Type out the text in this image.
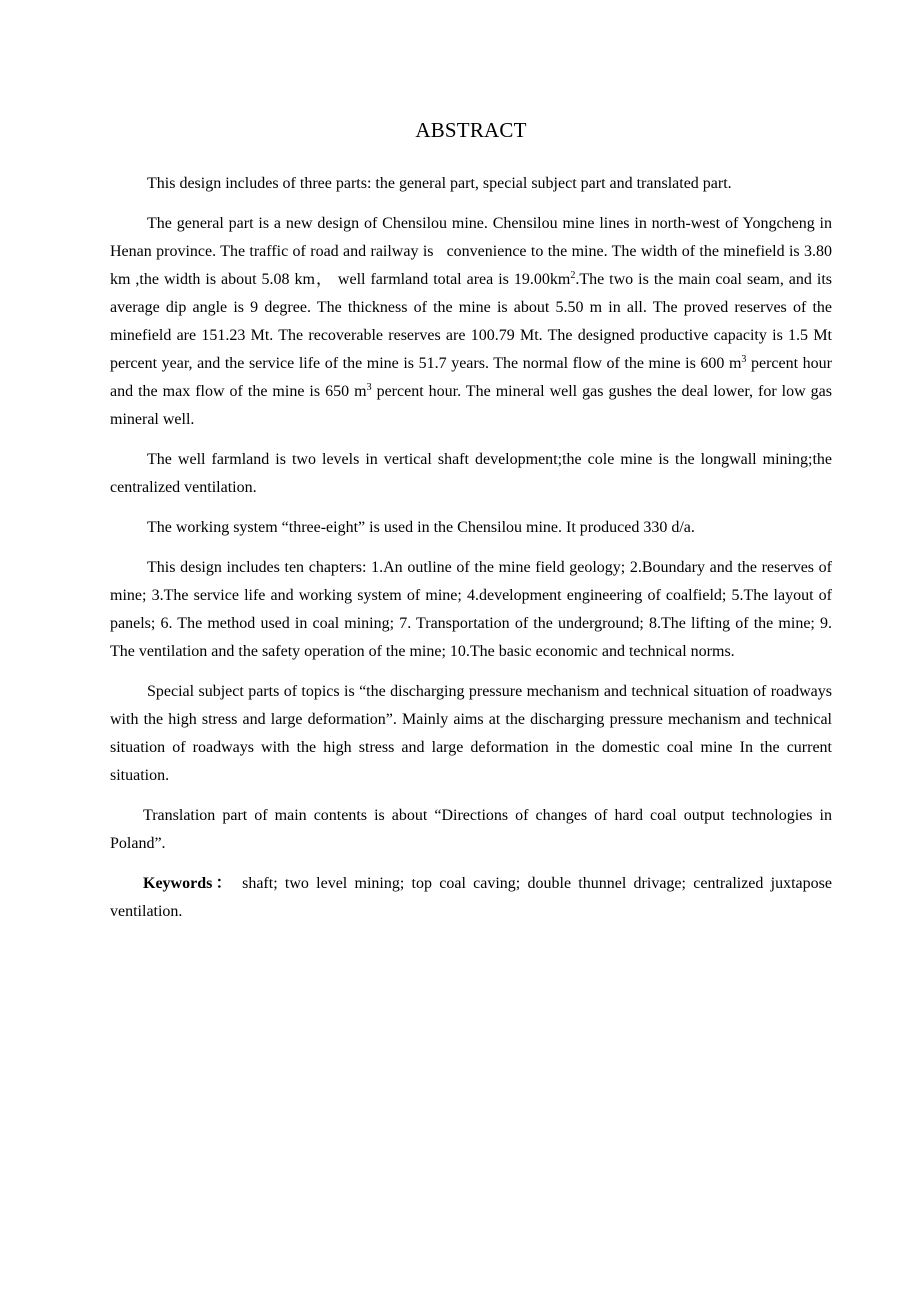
ABSTRACT

This design includes of three parts: the general part, special subject part and translated part.

The general part is a new design of Chensilou mine. Chensilou mine lines in north-west of Yongcheng in Henan province. The traffic of road and railway is   convenience to the mine. The width of the minefield is 3.80 km ,the width is about 5.08 km， well farmland total area is $19.00km^2.The$ two is the main coal seam, and its average dip angle is 9 degree. The thickness of the mine is about 5.50 m in all. The proved reserves of the minefield are 151.23 Mt. The recoverable reserves are 100.79 Mt. The designed productive capacity is 1.5 Mt percent year, and the service life of the mine is 51.7 years. The normal flow of the mine is 600 $m^3$ percent hour and the max flow of the mine is 650 $m^3$ percent hour. The mineral well gas gushes the deal lower, for low gas mineral well.

The well farmland is two levels in vertical shaft development;the cole mine is the longwall mining;the centralized ventilation.

The working system “three-eight” is used in the Chensilou mine. It produced 330 d/a.

This design includes ten chapters: 1.An outline of the mine field geology; 2.Boundary and the reserves of mine; 3.The service life and working system of mine; 4.development engineering of coalfield; 5.The layout of panels; 6. The method used in coal mining; 7. Transportation of the underground; 8.The lifting of the mine; 9. The ventilation and the safety operation of the mine; 10.The basic economic and technical norms.

Special subject parts of topics is “the discharging pressure mechanism and technical situation of roadways with the high stress and large deformation”. Mainly aims at the discharging pressure mechanism and technical situation of roadways with the high stress and large deformation in the domestic coal mine In the current situation.

Translation part of main contents is about “Directions of changes of hard coal output technologies in Poland”.

Keywords： shaft; two level mining; top coal caving; double thunnel drivage; centralized juxtapose ventilation.
